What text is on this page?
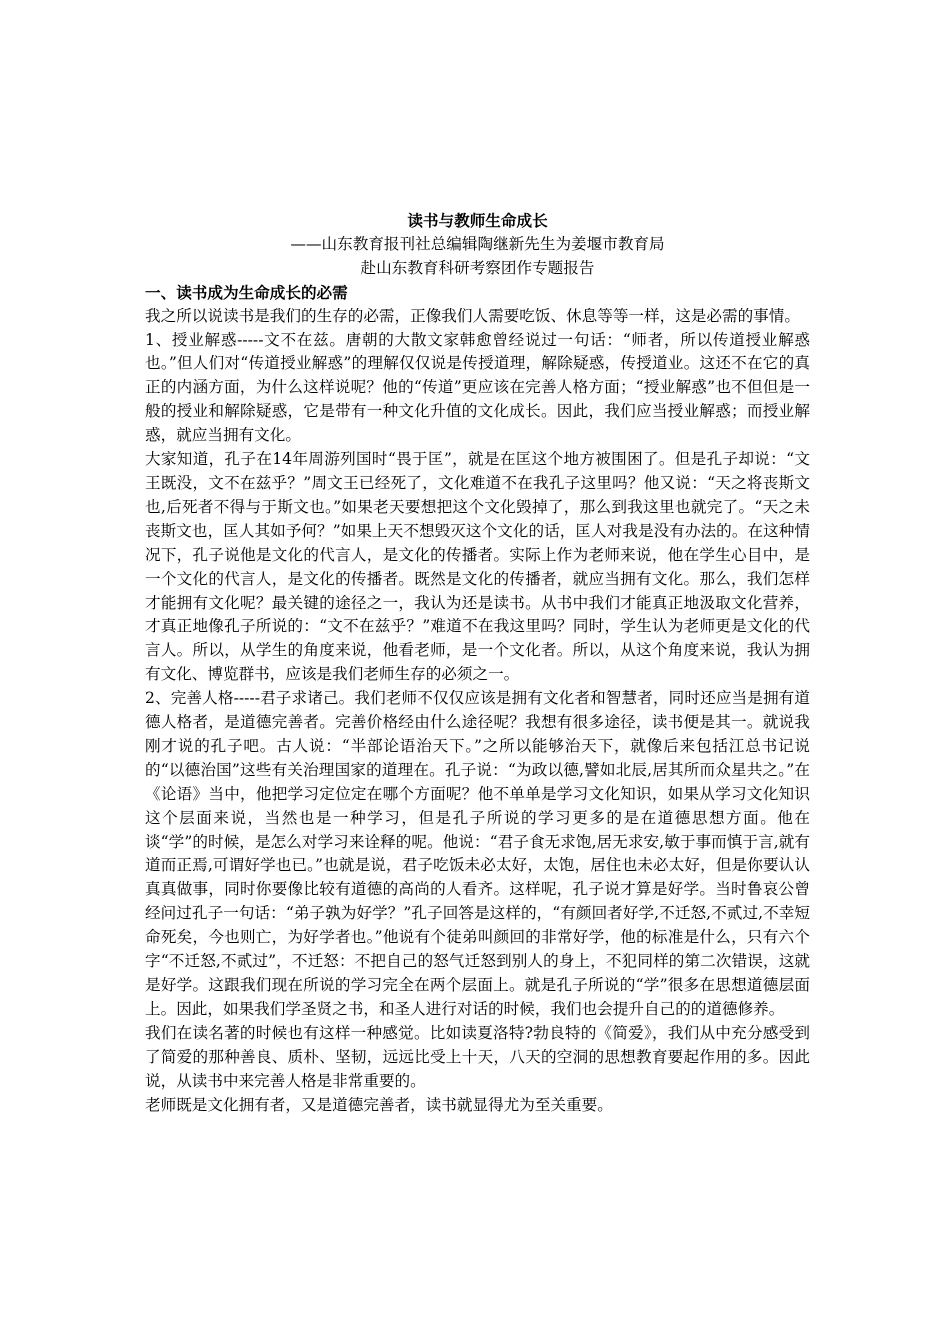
读书与教师生命成长
——山东教育报刊社总编辑陶继新先生为姜堰市教育局
赴山东教育科研考察团作专题报告
一、读书成为生命成长的必需

我之所以说读书是我们的生存的必需，正像我们人需要吃饭、休息等等一样，这是必需的事情。

1、授业解惑-----文不在兹。唐朝的大散文家韩愈曾经说过一句话：“师者，所以传道授业解惑也。”但人们对“传道授业解惑”的理解仅仅说是传授道理，解除疑惑，传授道业。这还不在它的真正的内涵方面，为什么这样说呢？他的“传道”更应该在完善人格方面；“授业解惑”也不但但是一般的授业和解除疑惑，它是带有一种文化升值的文化成长。因此，我们应当授业解惑；而授业解惑，就应当拥有文化。

大家知道，孔子在14年周游列国时“畏于匡”，就是在匡这个地方被围困了。但是孔子却说：“文王既没，文不在兹乎？”周文王已经死了，文化难道不在我孔子这里吗？他又说：“天之将丧斯文也,后死者不得与于斯文也。”如果老天要想把这个文化毁掉了，那么到我这里也就完了。“天之未丧斯文也，匡人其如予何？”如果上天不想毁灭这个文化的话，匡人对我是没有办法的。在这种情况下，孔子说他是文化的代言人，是文化的传播者。实际上作为老师来说，他在学生心目中，是一个文化的代言人，是文化的传播者。既然是文化的传播者，就应当拥有文化。那么，我们怎样才能拥有文化呢？最关键的途径之一，我认为还是读书。从书中我们才能真正地汲取文化营养，才真正地像孔子所说的：“文不在兹乎？”难道不在我这里吗？同时，学生认为老师更是文化的代言人。所以，从学生的角度来说，他看老师，是一个文化者。所以，从这个角度来说，我认为拥有文化、博览群书，应该是我们老师生存的必须之一。

2、完善人格-----君子求诸己。我们老师不仅仅应该是拥有文化者和智慧者，同时还应当是拥有道德人格者，是道德完善者。完善价格经由什么途径呢？我想有很多途径，读书便是其一。就说我刚才说的孔子吧。古人说：“半部论语治天下。”之所以能够治天下，就像后来包括江总书记说的“以德治国”这些有关治理国家的道理在。孔子说：“为政以德,譬如北辰,居其所而众星共之。”在《论语》当中，他把学习定位定在哪个方面呢？他不单单是学习文化知识，如果从学习文化知识这个层面来说，当然也是一种学习，但是孔子所说的学习更多的是在道德思想方面。他在谈“学”的时候，是怎么对学习来诠释的呢。他说：“君子食无求饱,居无求安,敏于事而慎于言,就有道而正焉,可谓好学也已。”也就是说，君子吃饭未必太好，太饱，居住也未必太好，但是你要认认真真做事，同时你要像比较有道德的高尚的人看齐。这样呢，孔子说才算是好学。当时鲁哀公曾经问过孔子一句话：“弟子孰为好学？”孔子回答是这样的，“有颜回者好学,不迁怒,不贰过,不幸短命死矣，今也则亡，为好学者也。”他说有个徒弟叫颜回的非常好学，他的标准是什么，只有六个字“不迁怒,不贰过”，不迁怒：不把自己的怒气迁怒到别人的身上，不犯同样的第二次错误，这就是好学。这跟我们现在所说的学习完全在两个层面上。就是孔子所说的“学”很多在思想道德层面上。因此，如果我们学圣贤之书，和圣人进行对话的时候，我们也会提升自己的的道德修养。

我们在读名著的时候也有这样一种感觉。比如读夏洛特?勃良特的《简爱》，我们从中充分感受到了简爱的那种善良、质朴、坚韧，远远比受上十天，八天的空洞的思想教育要起作用的多。因此说，从读书中来完善人格是非常重要的。

老师既是文化拥有者，又是道德完善者，读书就显得尤为至关重要。
